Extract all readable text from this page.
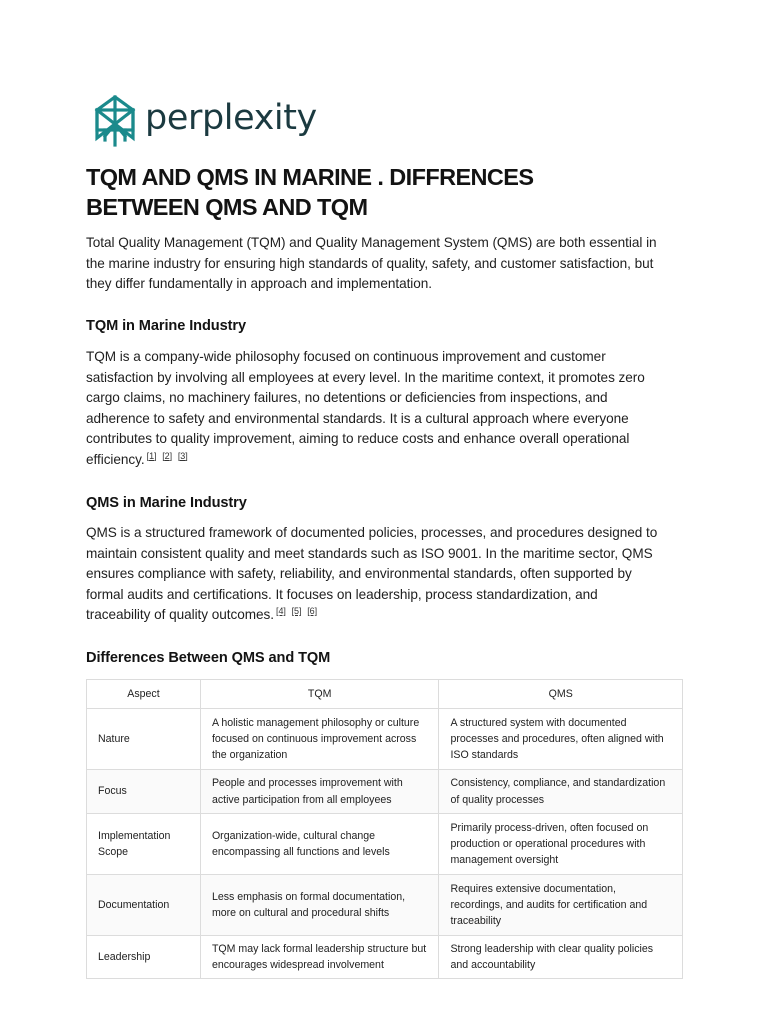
perplexity
TQM AND QMS IN MARINE . DIFFRENCES
BETWEEN QMS AND TQM

Total Quality Management (TQM) and Quality Management System (QMS) are both essential in
the marine industry for ensuring high standards of quality, safety, and customer satisfaction, but
they differ fundamentally in approach and implementation.

TQM in Marine Industry

TQM is a company-wide philosophy focused on continuous improvement and customer
satisfaction by involving all employees at every level. In the maritime context, it promotes zero
cargo claims, no machinery failures, no detentions or deficiencies from inspections, and
adherence to safety and environmental standards. It is a cultural approach where everyone
contributes to quality improvement, aiming to reduce costs and enhance overall operational
efficiency. [1] [2] [3]

QMS in Marine Industry

QMS is a structured framework of documented policies, processes, and procedures designed to
maintain consistent quality and meet standards such as ISO 9001. In the maritime sector, QMS
ensures compliance with safety, reliability, and environmental standards, often supported by
formal audits and certifications. It focuses on leadership, process standardization, and
traceability of quality outcomes. [4] [5] [6]

Differences Between QMS and TQM
Aspect	TQM	QMS
Nature	A holistic management philosophy or culture focused on continuous improvement across the organization	A structured system with documented processes and procedures, often aligned with ISO standards
Focus	People and processes improvement with active participation from all employees	Consistency, compliance, and standardization of quality processes
Implementation Scope	Organization-wide, cultural change encompassing all functions and levels	Primarily process-driven, often focused on production or operational procedures with management oversight
Documentation	Less emphasis on formal documentation, more on cultural and procedural shifts	Requires extensive documentation, recordings, and audits for certification and traceability
Leadership	TQM may lack formal leadership structure but encourages widespread involvement	Strong leadership with clear quality policies and accountability
